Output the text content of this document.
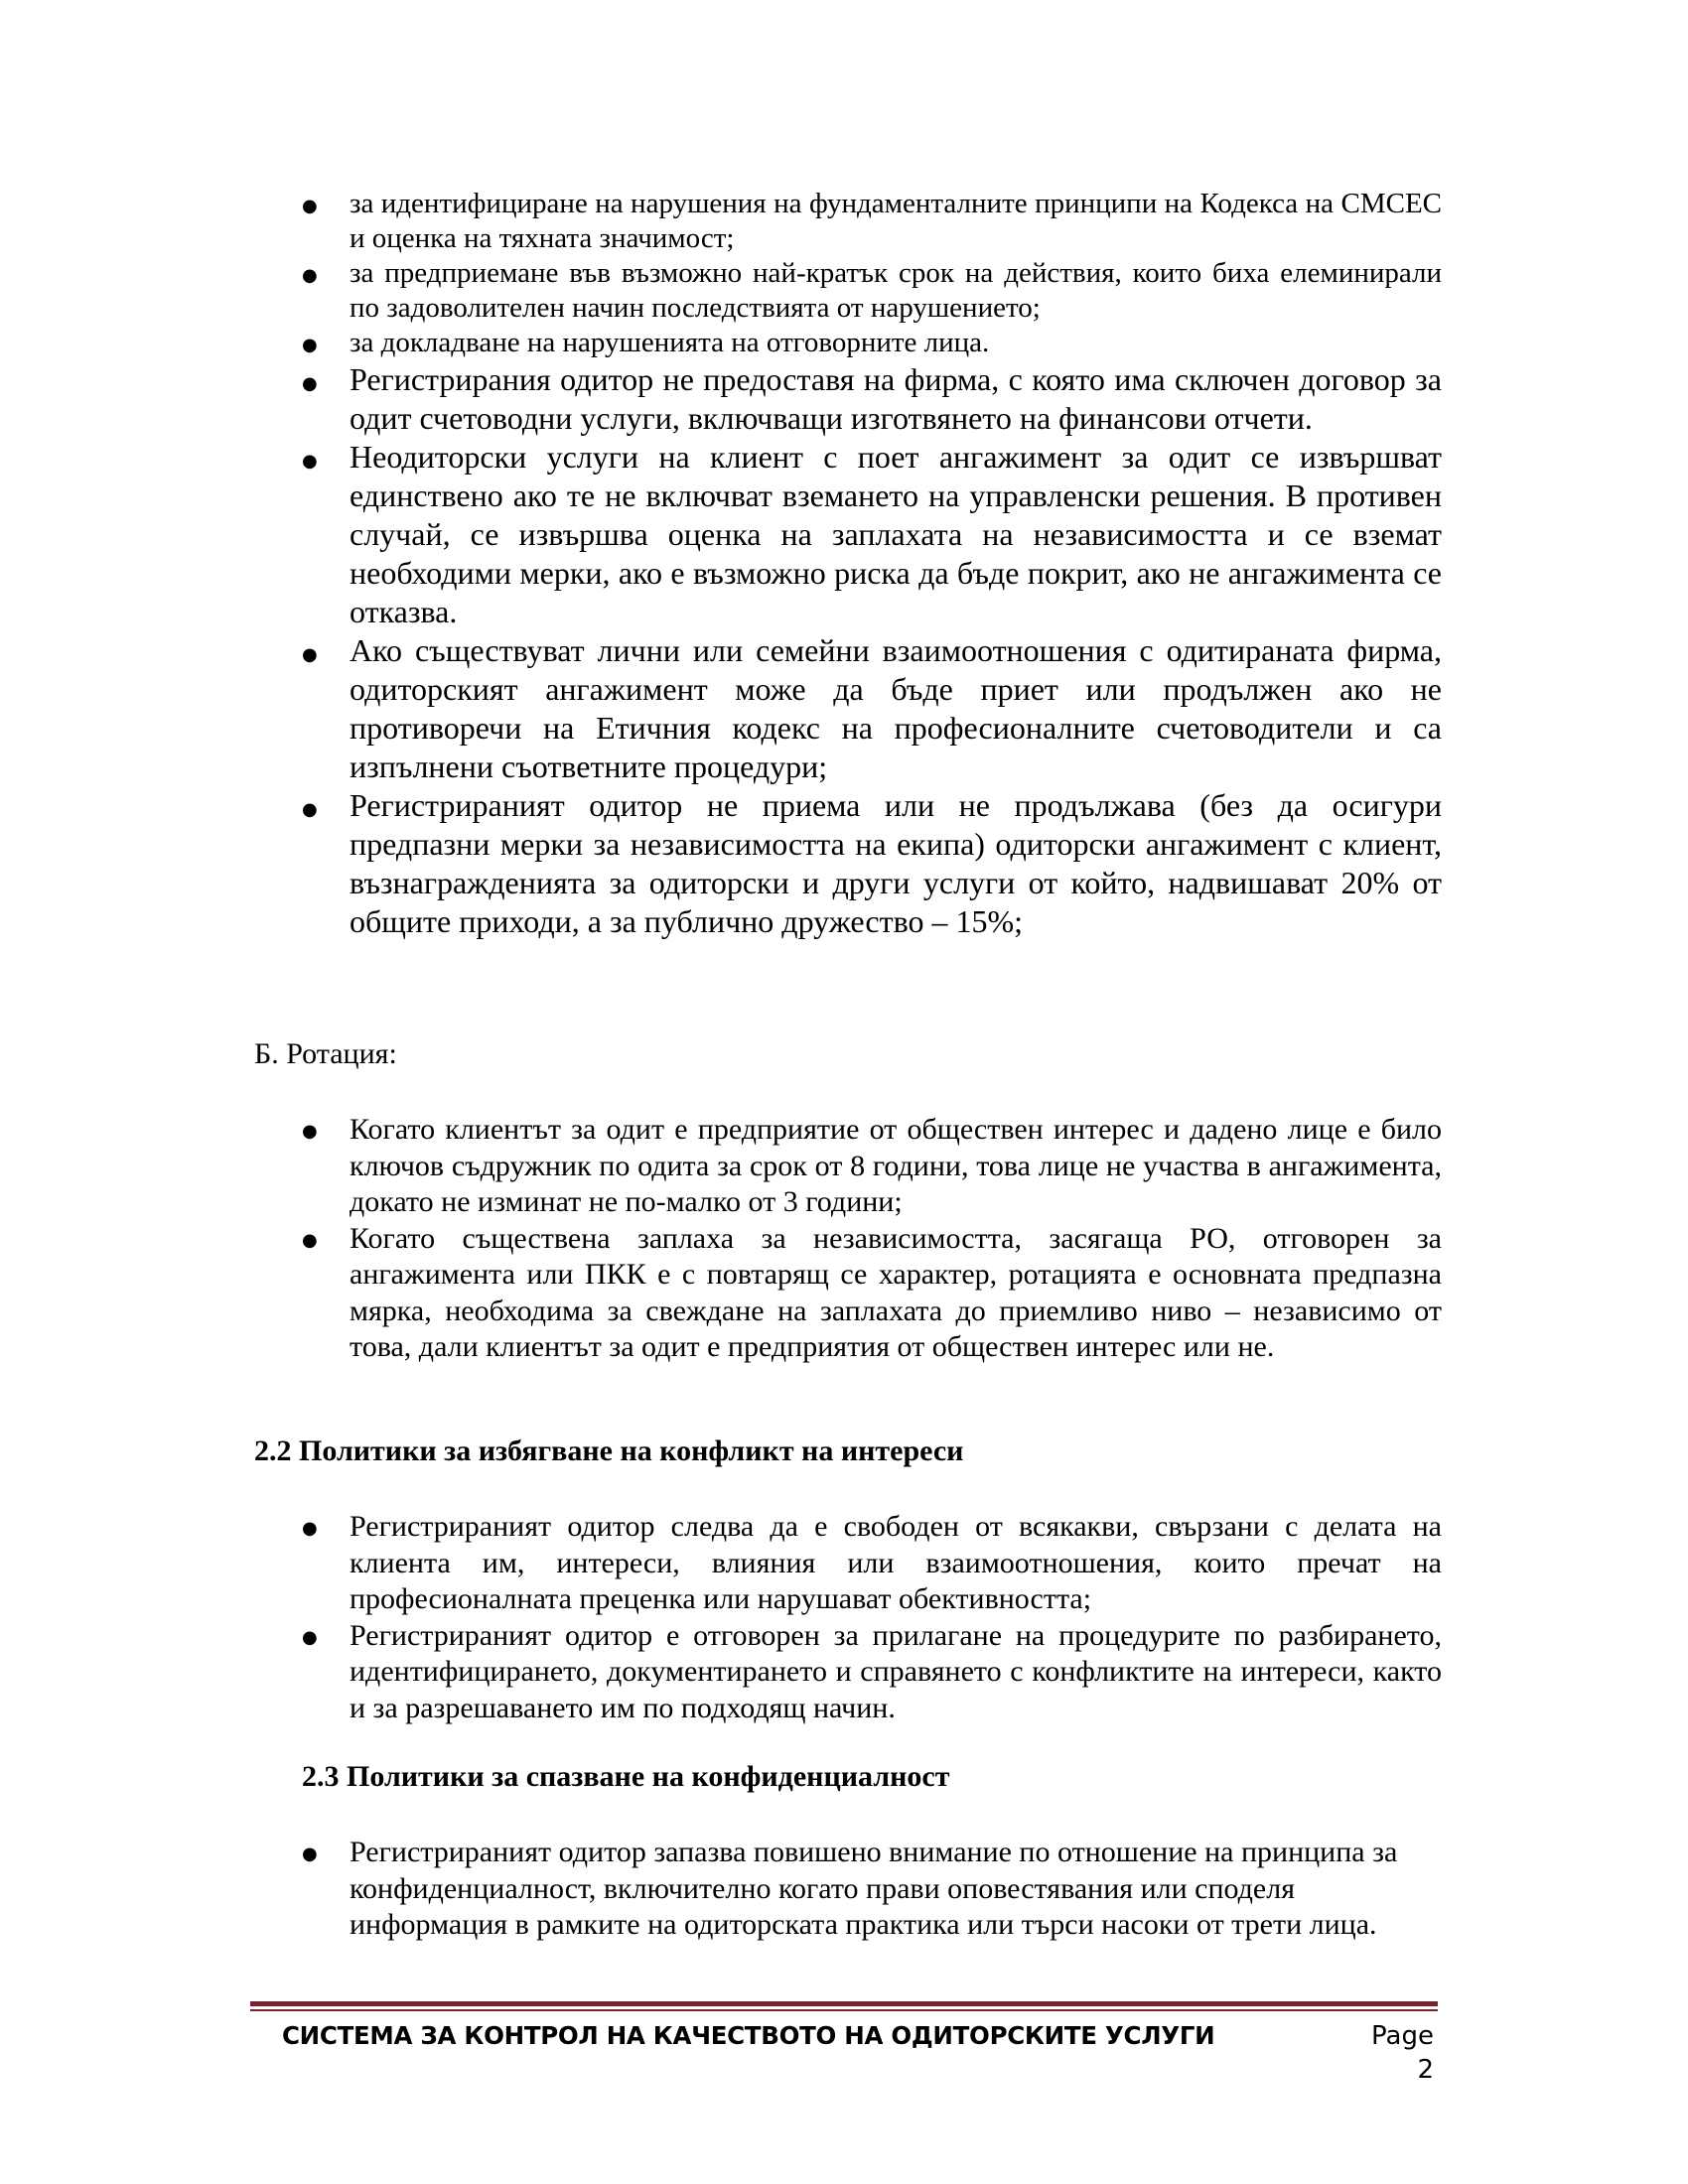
● за идентифициране на нарушения на фундаменталните принципи на Кодекса на СМСЕС и оценка на тяхната значимост;
● за предприемане във възможно най-кратък срок на действия, които биха елеминирали по задоволителен начин последствията от нарушението;
● за докладване на нарушенията на отговорните лица.
● Регистрирания одитор не предоставя на фирма, с която има сключен договор за одит счетоводни услуги, включващи изготвянето на финансови отчети.
● Неодиторски услуги на клиент с поет ангажимент за одит се извършват единствено ако те не включват вземането на управленски решения. В противен случай, се извършва оценка на заплахата на независимостта и се вземат необходими мерки, ако е възможно риска да бъде покрит, ако не ангажимента се отказва.
● Ако съществуват лични или семейни взаимоотношения с одитираната фирма, одиторският ангажимент може да бъде приет или продължен ако не противоречи на Етичния кодекс на професионалните счетоводители и са изпълнени съответните процедури;
● Регистрираният одитор не приема или не продължава (без да осигури предпазни мерки за независимостта на екипа) одиторски ангажимент с клиент, възнагражденията за одиторски и други услуги от който, надвишават 20% от общите приходи, а за публично дружество – 15%;
Б. Ротация:
● Когато клиентът за одит е предприятие от обществен интерес и дадено лице е било ключов съдружник по одита за срок от 8 години, това лице не участва в ангажимента, докато не изминат не по-малко от 3 години;
● Когато съществена заплаха за независимостта, засягаща РО, отговорен за ангажимента или ПКК е с повтарящ се характер, ротацията е основната предпазна мярка, необходима за свеждане на заплахата до приемливо ниво – независимо от това, дали клиентът за одит е предприятия от обществен интерес или не.
2.2 Политики за избягване на конфликт на интереси
● Регистрираният одитор следва да е свободен от всякакви, свързани с делата на клиента им, интереси, влияния или взаимоотношения, които пречат на професионалната преценка или нарушават обективността;
● Регистрираният одитор е отговорен за прилагане на процедурите по разбирането, идентифицирането, документирането и справянето с конфликтите на интереси, както и за разрешаването им по подходящ начин.
2.3 Политики за спазване на конфиденциалност
● Регистрираният одитор запазва повишено внимание по отношение на принципа за конфиденциалност, включително когато прави оповестявания или споделя информация в рамките на одиторската практика или търси насоки от трети лица.
СИСТЕМА ЗА КОНТРОЛ НА КАЧЕСТВОТО НА ОДИТОРСКИТЕ УСЛУГИ	Page 2
